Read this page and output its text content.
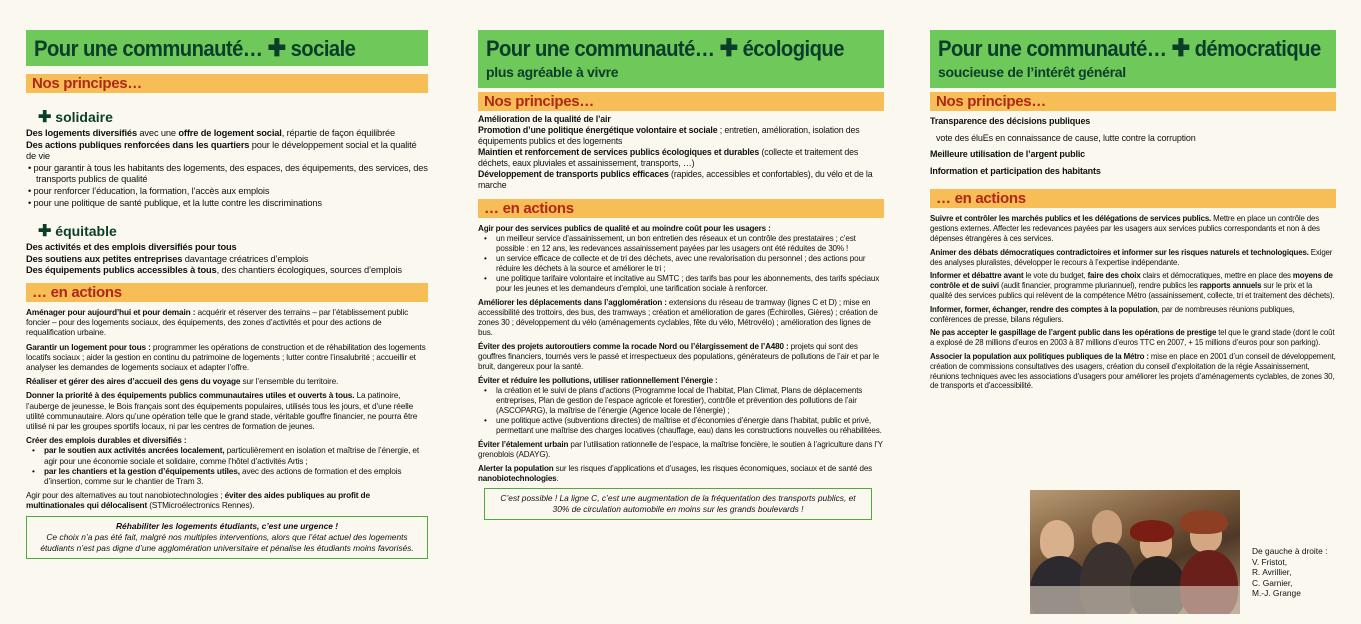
Pour une communauté… ✚ sociale
Nos principes…
✚ solidaire
Des logements diversifiés avec une offre de logement social, répartie de façon équilibrée
Des actions publiques renforcées dans les quartiers pour le développement social et la qualité de vie
• pour garantir à tous les habitants des logements, des espaces, des équipements, des services, des transports publics de qualité
• pour renforcer l’éducation, la formation, l’accès aux emplois
• pour une politique de santé publique, et la lutte contre les discriminations
✚ équitable
Des activités et des emplois diversifiés pour tous
Des soutiens aux petites entreprises davantage créatrices d’emplois
Des équipements publics accessibles à tous, des chantiers écologiques, sources d’emplois
… en actions
Aménager pour aujourd’hui et pour demain : acquérir et réserver des terrains – par l’établissement public foncier – pour des logements sociaux, des équipements, des zones d’activités et pour des actions de requalification urbaine.
Garantir un logement pour tous : programmer les opérations de construction et de réhabilitation des logements locatifs sociaux ; aider la gestion en continu du patrimoine de logements ; lutter contre l’insalubrité ; accueillir et analyser les demandes de logements sociaux et adapter l’offre.
Réaliser et gérer des aires d’accueil des gens du voyage sur l’ensemble du territoire.
Donner la priorité à des équipements publics communautaires utiles et ouverts à tous. La patinoire, l’auberge de jeunesse, le Bois français sont des équipements populaires, utilisés tous les jours, et d’une réelle utilité communautaire. Alors qu’une opération telle que le grand stade, véritable gouffre financier, ne pourra être utilisé ni par les groupes sportifs locaux, ni par les centres de formation de jeunes.
Créer des emplois durables et diversifiés :
• par le soutien aux activités ancrées localement, particulièrement en isolation et maîtrise de l’énergie, et agir pour une économie sociale et solidaire, comme l’hôtel d’activités Artis ;
• par les chantiers et la gestion d’équipements utiles, avec des actions de formation et des emplois d’insertion, comme sur le chantier de Tram 3.
Agir pour des alternatives au tout nanobiotechnologies ; éviter des aides publiques au profit de multinationales qui délocalisent (STMicroélectronics Rennes).
Réhabiliter les logements étudiants, c’est une urgence !
Ce choix n’a pas été fait, malgré nos multiples interventions, alors que l’état actuel des logements étudiants n’est pas digne d’une agglomération universitaire et pénalise les étudiants moins favorisés.
Pour une communauté… ✚ écologique
plus agréable à vivre
Nos principes…
Amélioration de la qualité de l’air
Promotion d’une politique énergétique volontaire et sociale ; entretien, amélioration, isolation des équipements publics et des logements
Maintien et renforcement de services publics écologiques et durables (collecte et traitement des déchets, eaux pluviales et assainissement, transports, …)
Développement de transports publics efficaces (rapides, accessibles et confortables), du vélo et de la marche
… en actions
Agir pour des services publics de qualité et au moindre coût pour les usagers :
• un meilleur service d’assainissement, un bon entretien des réseaux et un contrôle des prestataires ; c’est possible : en 12 ans, les redevances assainissement payées par les usagers ont été réduites de 30% !
• un service efficace de collecte et de tri des déchets, avec une revalorisation du personnel ; des actions pour réduire les déchets à la source et améliorer le tri ;
• une politique tarifaire volontaire et incitative au SMTC ; des tarifs bas pour les abonnements, des tarifs spéciaux pour les jeunes et les demandeurs d’emploi, une tarification sociale à renforcer.
Améliorer les déplacements dans l’agglomération : extensions du réseau de tramway (lignes C et D) ; mise en accessibilité des trottoirs, des bus, des tramways ; création et amélioration de gares (Échirolles, Gières) ; création de zones 30 ; développement du vélo (aménagements cyclables, fête du vélo, Métrovélo) ; amélioration des lignes de bus.
Éviter des projets autoroutiers comme la rocade Nord ou l’élargissement de l’A480 : projets qui sont des gouffres financiers, tournés vers le passé et irrespectueux des populations, générateurs de pollutions de l’air et par le bruit, dangereux pour la santé.
Éviter et réduire les pollutions, utiliser rationnellement l’énergie :
• la création et le suivi de plans d’actions (Programme local de l’habitat, Plan Climat, Plans de déplacements entreprises, Plan de gestion de l’espace agricole et forestier), contrôle et prévention des pollutions de l’air (ASCOPARG), la maîtrise de l’énergie (Agence locale de l’énergie) ;
• une politique active (subventions directes) de maîtrise et d’économies d’énergie dans l’habitat, public et privé, permettant une maîtrise des charges locatives (chauffage, eau) dans les constructions nouvelles ou réhabilitées.
Éviter l’étalement urbain par l’utilisation rationnelle de l’espace, la maîtrise foncière, le soutien à l’agriculture dans l’Y grenoblois (ADAYG).
Alerter la population sur les risques d’applications et d’usages, les risques économiques, sociaux et de santé des nanobiotechnologies.
C’est possible ! La ligne C, c’est une augmentation de la fréquentation des transports publics, et 30% de circulation automobile en moins sur les grands boulevards !
Pour une communauté… ✚ démocratique
soucieuse de l’intérêt général
Nos principes…
Transparence des décisions publiques
vote des éluEs en connaissance de cause, lutte contre la corruption
Meilleure utilisation de l’argent public
Information et participation des habitants
… en actions
Suivre et contrôler les marchés publics et les délégations de services publics. Mettre en place un contrôle des gestions externes. Affecter les redevances payées par les usagers aux services publics correspondants et non à des dépenses étrangères à ces services.
Animer des débats démocratiques contradictoires et informer sur les risques naturels et technologiques. Exiger des analyses pluralistes, développer le recours à l’expertise indépendante.
Informer et débattre avant le vote du budget, faire des choix clairs et démocratiques, mettre en place des moyens de contrôle et de suivi (audit financier, programme pluriannuel), rendre publics les rapports annuels sur le prix et la qualité des services publics qui relèvent de la compétence Métro (assainissement, collecte, tri et traitement des déchets).
Informer, former, échanger, rendre des comptes à la population, par de nombreuses réunions publiques, conférences de presse, bilans réguliers.
Ne pas accepter le gaspillage de l’argent public dans les opérations de prestige tel que le grand stade (dont le coût a explosé de 28 millions d’euros en 2003 à 87 millions d’euros TTC en 2007, + 15 millions d’euros pour son parking).
Associer la population aux politiques publiques de la Métro : mise en place en 2001 d’un conseil de développement, création de commissions consultatives des usagers, création du conseil d’exploitation de la régie Assainissement, réunions techniques avec les associations d’usagers pour améliorer les projets d’aménagements cyclables, de zones 30, de transports et d’accessibilité.
De gauche à droite :
V. Fristot,
R. Avrillier,
C. Garnier,
M.-J. Grange
